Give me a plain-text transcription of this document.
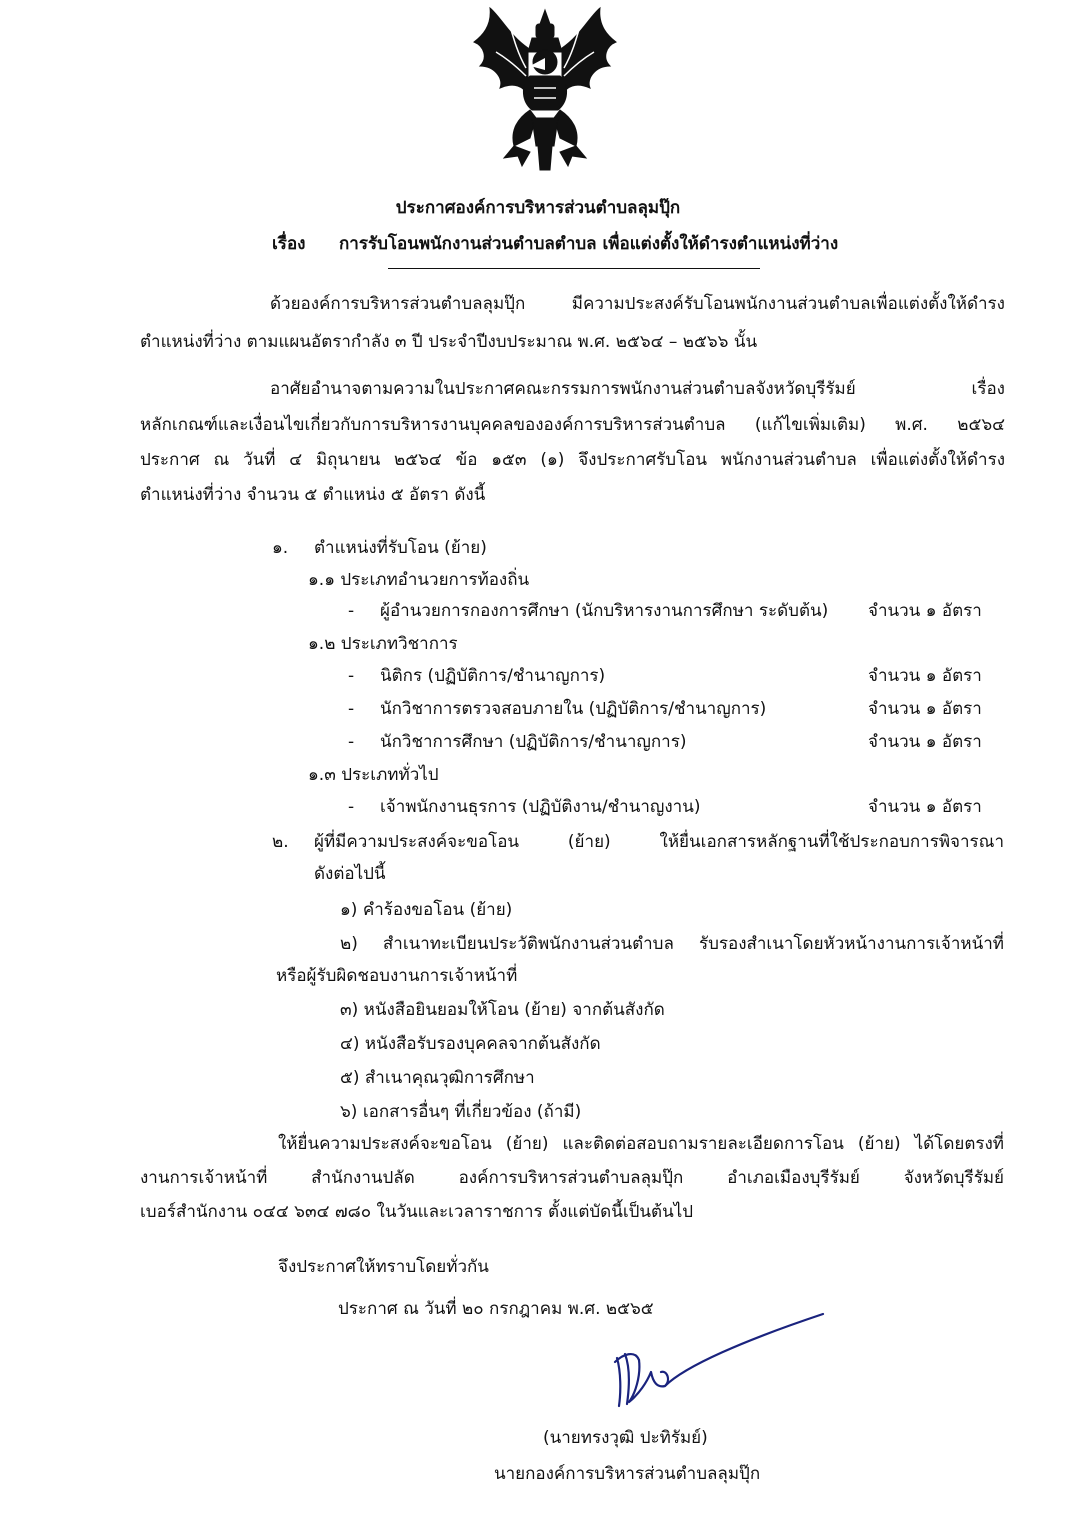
ประกาศองค์การบริหารส่วนตำบลลุมปุ๊ก
เรื่อง การรับโอนพนักงานส่วนตำบลตำบล เพื่อแต่งตั้งให้ดำรงตำแหน่งที่ว่าง
ด้วยองค์การบริหารส่วนตำบลลุมปุ๊ก มีความประสงค์รับโอนพนักงานส่วนตำบลเพื่อแต่งตั้งให้ดำรง
ตำแหน่งที่ว่าง ตามแผนอัตรากำลัง ๓ ปี ประจำปีงบประมาณ พ.ศ. ๒๕๖๔ – ๒๕๖๖ นั้น
อาศัยอำนาจตามความในประกาศคณะกรรมการพนักงานส่วนตำบลจังหวัดบุรีรัมย์ เรื่อง
หลักเกณฑ์และเงื่อนไขเกี่ยวกับการบริหารงานบุคคลขององค์การบริหารส่วนตำบล (แก้ไขเพิ่มเติม) พ.ศ. ๒๕๖๔
ประกาศ ณ วันที่ ๔ มิถุนายน ๒๕๖๔ ข้อ ๑๕๓ (๑) จึงประกาศรับโอน พนักงานส่วนตำบล เพื่อแต่งตั้งให้ดำรง
ตำแหน่งที่ว่าง จำนวน ๕ ตำแหน่ง ๕ อัตรา ดังนี้
๑. ตำแหน่งที่รับโอน (ย้าย)
๑.๑ ประเภทอำนวยการท้องถิ่น
- ผู้อำนวยการกองการศึกษา (นักบริหารงานการศึกษา ระดับต้น) จำนวน ๑ อัตรา
๑.๒ ประเภทวิชาการ
- นิติกร (ปฏิบัติการ/ชำนาญการ)	จำนวน ๑ อัตรา
- นักวิชาการตรวจสอบภายใน (ปฏิบัติการ/ชำนาญการ)	จำนวน ๑ อัตรา
- นักวิชาการศึกษา (ปฏิบัติการ/ชำนาญการ)	จำนวน ๑ อัตรา
๑.๓ ประเภททั่วไป
- เจ้าพนักงานธุรการ (ปฏิบัติงาน/ชำนาญงาน)	จำนวน ๑ อัตรา
๒. ผู้ที่มีความประสงค์จะขอโอน (ย้าย) ให้ยื่นเอกสารหลักฐานที่ใช้ประกอบการพิจารณา
ดังต่อไปนี้
๑) คำร้องขอโอน (ย้าย)
๒) สำเนาทะเบียนประวัติพนักงานส่วนตำบล รับรองสำเนาโดยหัวหน้างานการเจ้าหน้าที่
หรือผู้รับผิดชอบงานการเจ้าหน้าที่
๓) หนังสือยินยอมให้โอน (ย้าย) จากต้นสังกัด
๔) หนังสือรับรองบุคคลจากต้นสังกัด
๕) สำเนาคุณวุฒิการศึกษา
๖) เอกสารอื่นๆ ที่เกี่ยวข้อง (ถ้ามี)
ให้ยื่นความประสงค์จะขอโอน (ย้าย) และติดต่อสอบถามรายละเอียดการโอน (ย้าย) ได้โดยตรงที่
งานการเจ้าหน้าที่ สำนักงานปลัด องค์การบริหารส่วนตำบลลุมปุ๊ก อำเภอเมืองบุรีรัมย์ จังหวัดบุรีรัมย์
เบอร์สำนักงาน ๐๔๔ ๖๓๔ ๗๘๐ ในวันและเวลาราชการ ตั้งแต่บัดนี้เป็นต้นไป
จึงประกาศให้ทราบโดยทั่วกัน
ประกาศ ณ วันที่ ๒๐ กรกฎาคม พ.ศ. ๒๕๖๕
(นายทรงวุฒิ ปะทิรัมย์)
นายกองค์การบริหารส่วนตำบลลุมปุ๊ก
